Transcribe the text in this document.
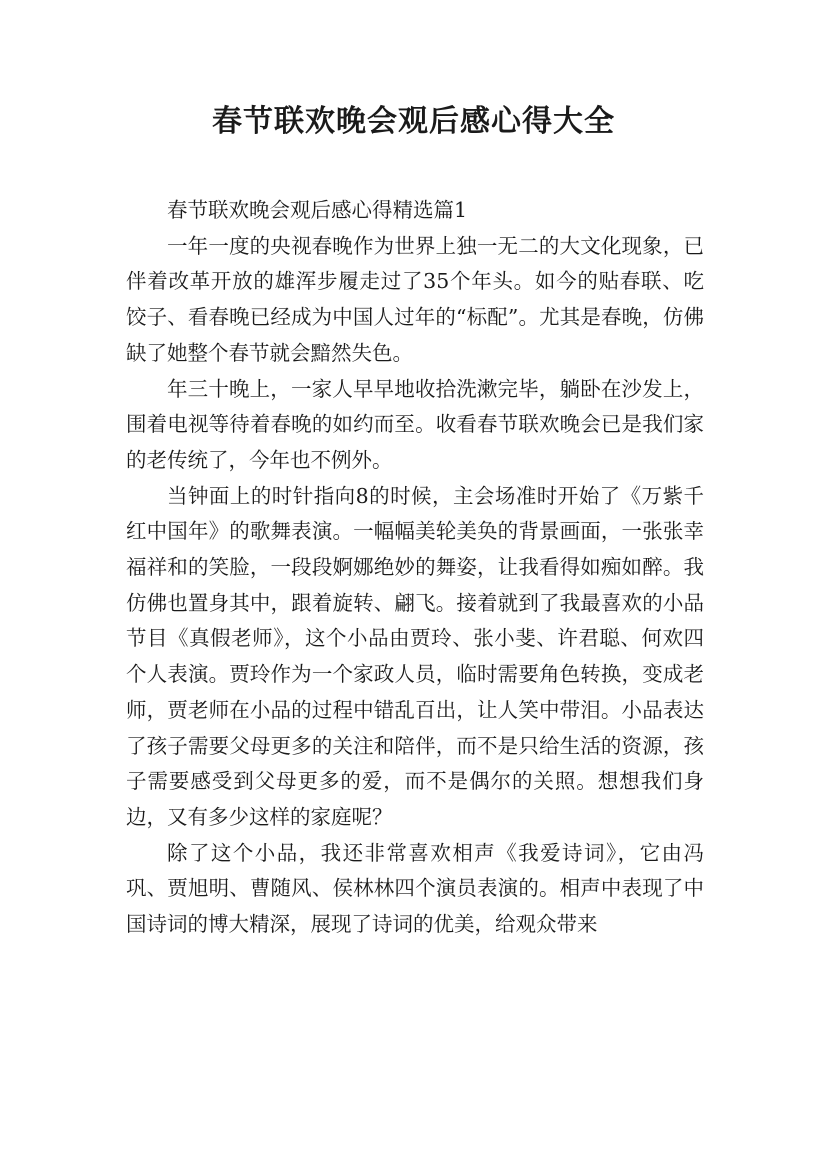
春节联欢晚会观后感心得大全

春节联欢晚会观后感心得精选篇1

一年一度的央视春晚作为世界上独一无二的大文化现象，已伴着改革开放的雄浑步履走过了35个年头。如今的贴春联、吃饺子、看春晚已经成为中国人过年的“标配”。尤其是春晚，仿佛缺了她整个春节就会黯然失色。

年三十晚上，一家人早早地收拾洗漱完毕，躺卧在沙发上，围着电视等待着春晚的如约而至。收看春节联欢晚会已是我们家的老传统了，今年也不例外。

当钟面上的时针指向8的时候，主会场准时开始了《万紫千红中国年》的歌舞表演。一幅幅美轮美奂的背景画面，一张张幸福祥和的笑脸，一段段婀娜绝妙的舞姿，让我看得如痴如醉。我仿佛也置身其中，跟着旋转、翩飞。接着就到了我最喜欢的小品节目《真假老师》，这个小品由贾玲、张小斐、许君聪、何欢四个人表演。贾玲作为一个家政人员，临时需要角色转换，变成老师，贾老师在小品的过程中错乱百出，让人笑中带泪。小品表达了孩子需要父母更多的关注和陪伴，而不是只给生活的资源，孩子需要感受到父母更多的爱，而不是偶尔的关照。想想我们身边，又有多少这样的家庭呢？

除了这个小品，我还非常喜欢相声《我爱诗词》，它由冯巩、贾旭明、曹随风、侯林林四个演员表演的。相声中表现了中国诗词的博大精深，展现了诗词的优美，给观众带来
